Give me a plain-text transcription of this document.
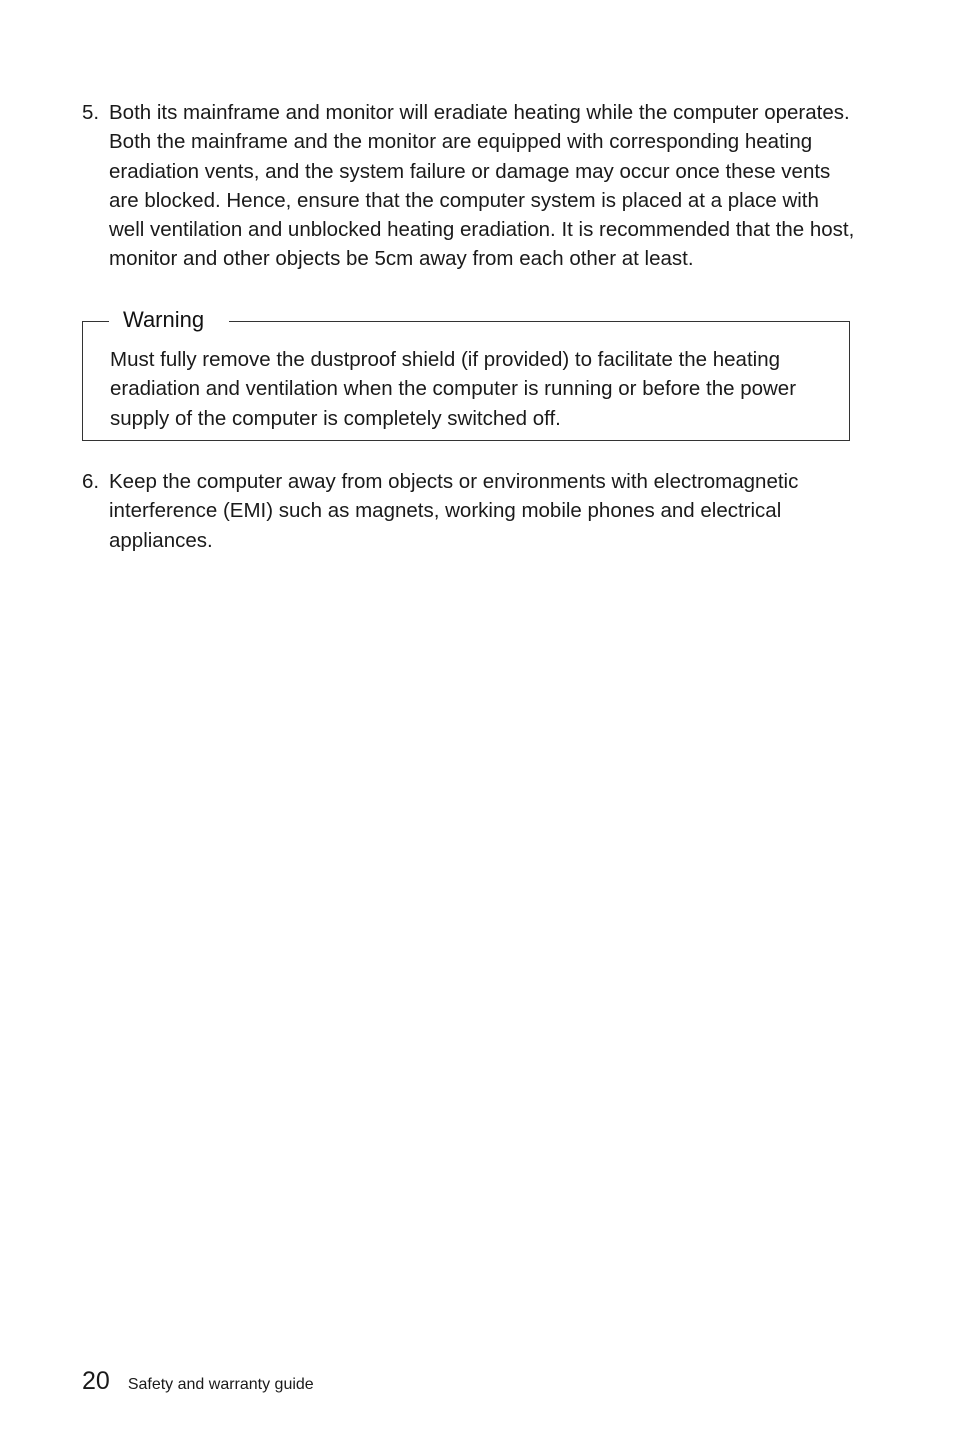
5. Both its mainframe and monitor will eradiate heating while the computer operates. Both the mainframe and the monitor are equipped with corresponding heating eradiation vents, and the system failure or damage may occur once these vents are blocked. Hence, ensure that the computer system is placed at a place with well ventilation and unblocked heating eradiation. It is recommended that the host, monitor and other objects be 5cm away from each other at least.
Warning
Must fully remove the dustproof shield (if provided) to facilitate the heating eradiation and ventilation when the computer is running or before the power supply of the computer is completely switched off.
6. Keep the computer away from objects or environments with electromagnetic interference (EMI) such as magnets, working mobile phones and electrical appliances.
20 Safety and warranty guide
